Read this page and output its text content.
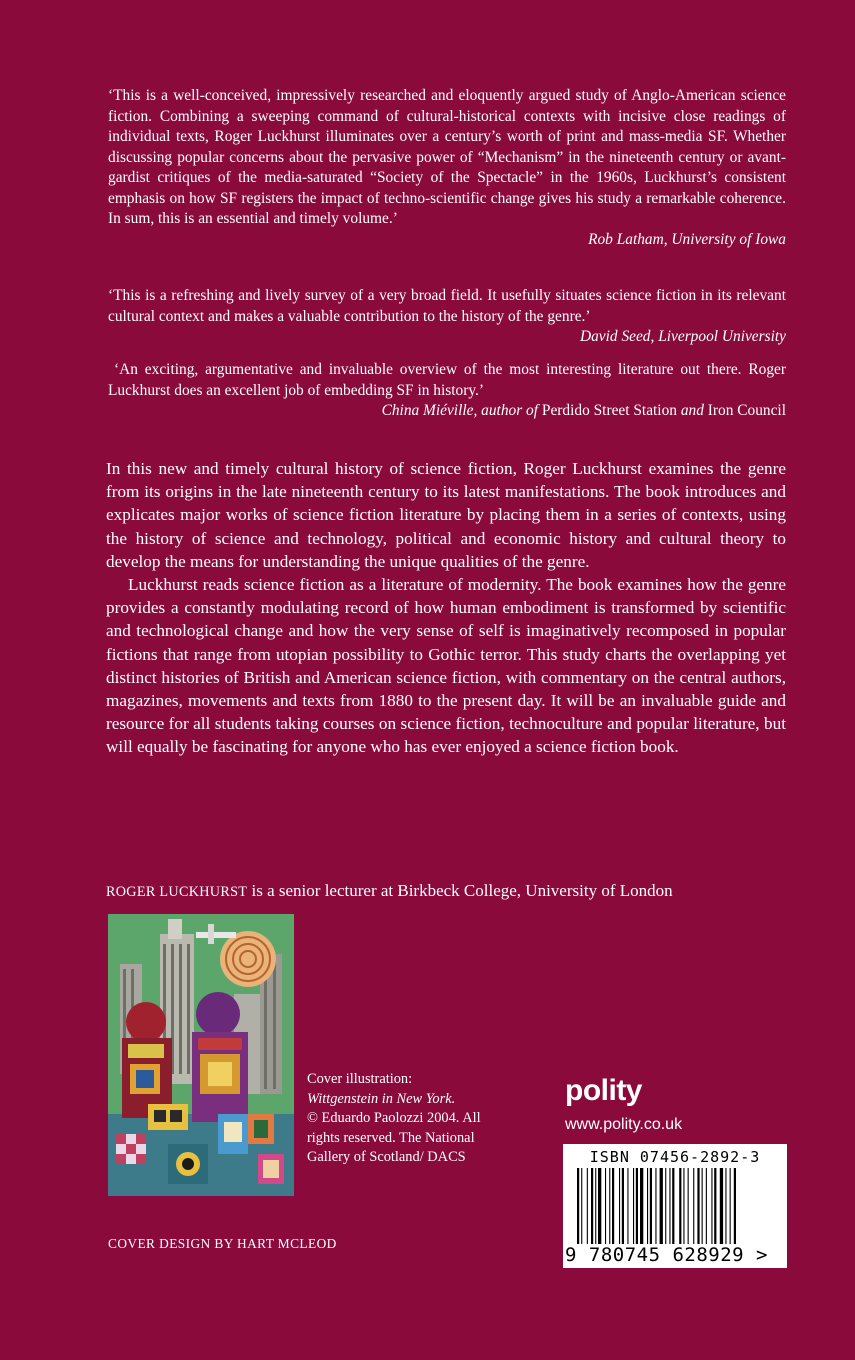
‘This is a well-conceived, impressively researched and eloquently argued study of Anglo-American science fiction. Combining a sweeping command of cultural-historical contexts with incisive close readings of individual texts, Roger Luckhurst illuminates over a century’s worth of print and mass-media SF. Whether discussing popular concerns about the pervasive power of “Mechanism” in the nineteenth century or avant-gardist critiques of the media-saturated “Society of the Spectacle” in the 1960s, Luckhurst’s consistent emphasis on how SF registers the impact of techno-scientific change gives his study a remarkable coherence. In sum, this is an essential and timely volume.’
Rob Latham, University of Iowa
‘This is a refreshing and lively survey of a very broad field. It usefully situates science fiction in its relevant cultural context and makes a valuable contribution to the history of the genre.’
David Seed, Liverpool University
‘An exciting, argumentative and invaluable overview of the most interesting literature out there. Roger Luckhurst does an excellent job of embedding SF in history.’
China Miéville, author of Perdido Street Station and Iron Council

In this new and timely cultural history of science fiction, Roger Luckhurst examines the genre from its origins in the late nineteenth century to its latest manifestations. The book introduces and explicates major works of science fiction literature by placing them in a series of contexts, using the history of science and technology, political and economic history and cultural theory to develop the means for understanding the unique qualities of the genre.

Luckhurst reads science fiction as a literature of modernity. The book examines how the genre provides a constantly modulating record of how human embodiment is transformed by scientific and technological change and how the very sense of self is imaginatively recomposed in popular fictions that range from utopian possibility to Gothic terror. This study charts the overlapping yet distinct histories of British and American science fiction, with commentary on the central authors, magazines, movements and texts from 1880 to the present day. It will be an invaluable guide and resource for all students taking courses on science fiction, technoculture and popular literature, but will equally be fascinating for anyone who has ever enjoyed a science fiction book.

ROGER LUCKHURST is a senior lecturer at Birkbeck College, University of London
Cover illustration:
Wittgenstein in New York.
© Eduardo Paolozzi 2004. All rights reserved. The National Gallery of Scotland/ DACS
polity
www.polity.co.uk
ISBN 07456-2892-3
9 780745 628929 >
COVER DESIGN BY HART MCLEOD
